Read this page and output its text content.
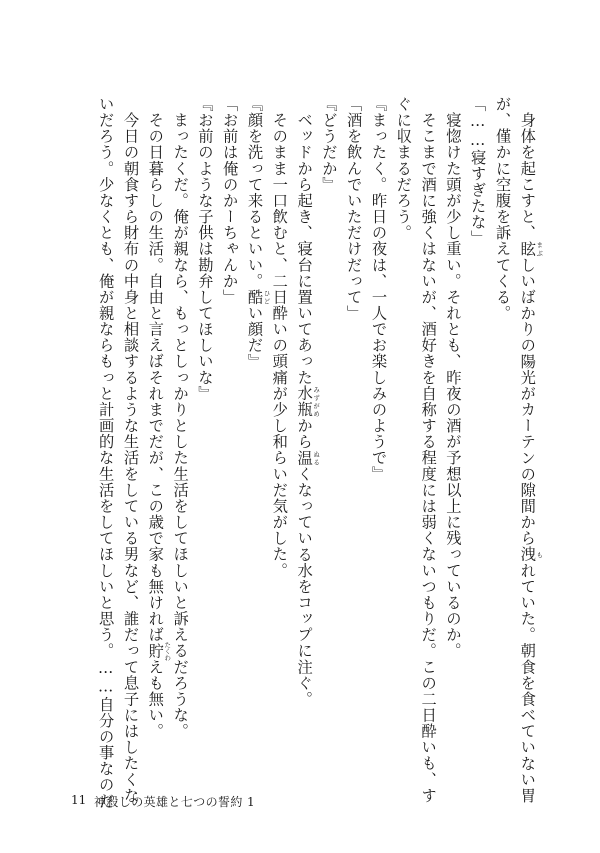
　身体を起こすと、眩 まぶしいばかりの陽光がカーテンの隙間から洩 もれていた。朝食を食べていない胃
が、僅かに空腹を訴えてくる。
「……寝すぎたな」
　寝惚けた頭が少し重い。それとも、昨夜の酒が予想以上に残っているのか。
　そこまで酒に強くはないが、酒好きを自称する程度には弱くないつもりだ。この二日酔いも、す
ぐに収まるだろう。
『まったく。昨日の夜は、一人でお楽しみのようで』
「酒を飲んでいただけだって」
『どうだか』
　ベッドから起き、寝台に置いてあった水瓶 みずがめから温 ぬるくなっている水をコップに注ぐ。
　そのまま一口飲むと、二日酔いの頭痛が少し和らいだ気がした。
『顔を洗って来るといい。酷 ひどい顔だ』
「お前は俺のかーちゃんか」
『お前のような子供は勘弁してほしいな』
　まったくだ。俺が親なら、もっとしっかりとした生活をしてほしいと訴えるだろうな。
　その日暮らしの生活。自由と言えばそれまでだが、この歳で家も無ければ貯 たくわえも無い。
　今日の朝食すら財布の中身と相談するような生活をしている男など、誰だって息子にはしたくな
いだろう。少なくとも、俺が親ならもっと計画的な生活をしてほしいと思う。……自分の事なのだ
11 神殺しの英雄と七つの誓約 1
